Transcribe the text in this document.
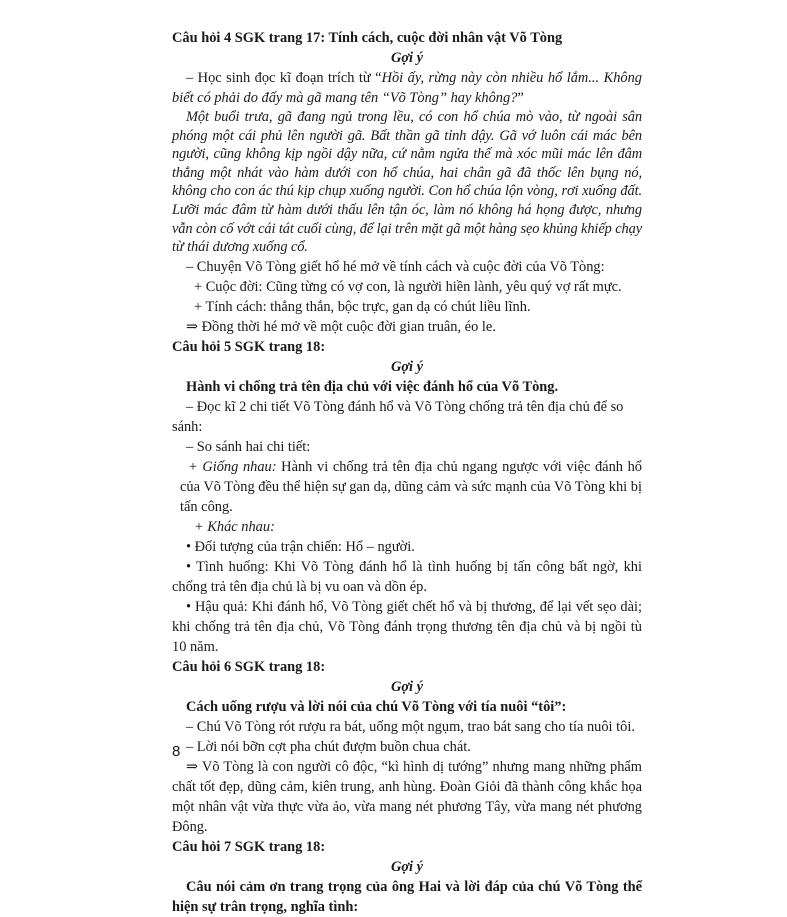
Câu hỏi 4 SGK trang 17: Tính cách, cuộc đời nhân vật Võ Tòng

Gợi ý

– Học sinh đọc kĩ đoạn trích từ “Hồi ấy, rừng này còn nhiều hổ lắm... Không biết có phải do đấy mà gã mang tên “Võ Tòng” hay không?”

Một buổi trưa, gã đang ngủ trong lều, có con hổ chúa mò vào, từ ngoài sân phóng một cái phủ lên người gã. Bất thần gã tỉnh dậy. Gã vớ luôn cái mác bên người, cũng không kịp ngồi dậy nữa, cứ nằm ngửa thế mà xóc mũi mác lên đâm thẳng một nhát vào hàm dưới con hổ chúa, hai chân gã đã thốc lên bụng nó, không cho con ác thú kịp chụp xuống người. Con hổ chúa lộn vòng, rơi xuống đất. Lưỡi mác đâm từ hàm dưới thấu lên tận óc, làm nó không há họng được, nhưng vẫn còn cố vớt cái tát cuối cùng, để lại trên mặt gã một hàng sẹo khủng khiếp chạy từ thái dương xuống cổ.

– Chuyện Võ Tòng giết hổ hé mở về tính cách và cuộc đời của Võ Tòng:

+ Cuộc đời: Cũng từng có vợ con, là người hiền lành, yêu quý vợ rất mực.

+ Tính cách: thẳng thắn, bộc trực, gan dạ có chút liều lĩnh.

⇒ Đồng thời hé mở về một cuộc đời gian truân, éo le.

Câu hỏi 5 SGK trang 18:

Gợi ý

Hành vi chống trả tên địa chủ với việc đánh hổ của Võ Tòng.

– Đọc kĩ 2 chi tiết Võ Tòng đánh hổ và Võ Tòng chống trả tên địa chủ để so sánh:

– So sánh hai chi tiết:

+ Giống nhau: Hành vi chống trả tên địa chủ ngang ngược với việc đánh hổ của Võ Tòng đều thể hiện sự gan dạ, dũng cảm và sức mạnh của Võ Tòng khi bị tấn công.

+ Khác nhau:

• Đối tượng của trận chiến: Hổ – người.

• Tình huống: Khi Võ Tòng đánh hổ là tình huống bị tấn công bất ngờ, khi chống trả tên địa chủ là bị vu oan và dồn ép.

• Hậu quả: Khi đánh hổ, Võ Tòng giết chết hổ và bị thương, để lại vết sẹo dài; khi chống trả tên địa chủ, Võ Tòng đánh trọng thương tên địa chủ và bị ngồi tù 10 năm.

Câu hỏi 6 SGK trang 18:

Gợi ý

Cách uống rượu và lời nói của chú Võ Tòng với tía nuôi “tôi”:

– Chú Võ Tòng rót rượu ra bát, uống một ngụm, trao bát sang cho tía nuôi tôi.

– Lời nói bỡn cợt pha chút đượm buồn chua chát.

⇒ Võ Tòng là con người cô độc, “kì hình dị tướng” nhưng mang những phẩm chất tốt đẹp, dũng cảm, kiên trung, anh hùng. Đoàn Giỏi đã thành công khắc họa một nhân vật vừa thực vừa ảo, vừa mang nét phương Tây, vừa mang nét phương Đông.

Câu hỏi 7 SGK trang 18:

Gợi ý

Câu nói cảm ơn trang trọng của ông Hai và lời đáp của chú Võ Tòng thể hiện sự trân trọng, nghĩa tình:

8
